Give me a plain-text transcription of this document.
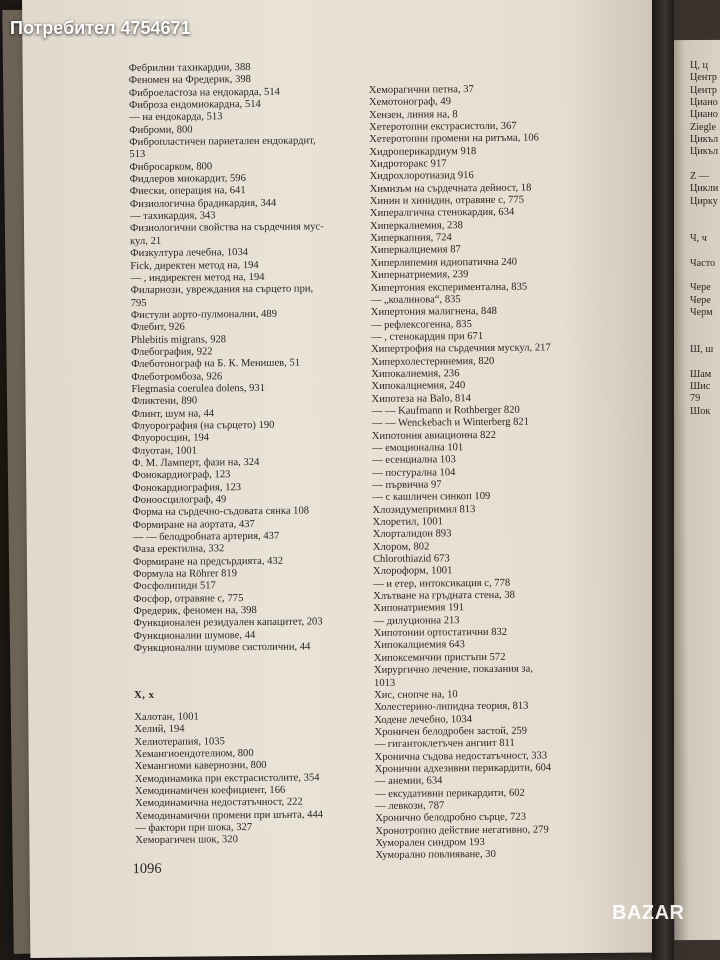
Фебрилни тахикардии, 388
Феномен на Фредерик, 398
Фиброеластоза на ендокарда, 514
Фиброза ендомиокардна, 514
— на ендокарда, 513
Фиброми, 800
Фибропластичен париетален ендокардит,
513
Фибросарком, 800
Фидлеров миокардит, 596
Фиески, операция на, 641
Физиологична брадикардия, 344
— тахикардия, 343
Физиологични свойства на сърдечния мус-
кул, 21
Физкултура лечебна, 1034
Fick, директен метод на, 194
— , индиректен метод на, 194
Филариози, увреждания на сърцето при,
795
Фистули аорто-пулмонални, 489
Флебит, 926
Phlebitis migrans, 928
Флебография, 922
Флеботонограф на Б. К. Менишев, 51
Флеботромбоза, 926
Flegmasia coerulea dolens, 931
Фликтени, 890
Флинт, шум на, 44
Флуорография (на сърцето) 190
Флуоросцин, 194
Флуотан, 1001
Ф. М. Ламперт, фази на, 324
Фонокардиограф, 123
Фонокардиография, 123
Фоноосцилограф, 49
Форма на сърдечно-съдовата сянка 108
Формиране на аортата, 437
— — белодробната артерия, 437
Фаза еректилна, 332
Формиране на предсърдията, 432
Формула на Röhrer 819
Фосфолипиди 517
Фосфор, отравяне с, 775
Фредерик, феномен на, 398
Функционален резидуален капацитет, 203
Функционални шумове, 44
Функционални шумове систолични, 44
Х, х
Халотан, 1001
Хелий, 194
Хелиотерапия, 1035
Хемангиоендотелиом, 800
Хемангиоми кавернозни, 800
Хемодинамика при екстрасистолите, 354
Хемодинамичен коефициент, 166
Хемодинамична недостатъчност, 222
Хемодинамични промени при шънта, 444
— фактори при шока, 327
Хеморагичен шок, 320
Хеморагични петна, 37
Хемотонограф, 49
Хензен, линия на, 8
Хетеротопни екстрасистоли, 367
Хетеротопни промени на ритъма, 106
Хидроперикардиум 918
Хидроторакс 917
Хидрохлоротиазид 916
Химизъм на сърдечната дейност, 18
Хинин и хинидин, отравяне с, 775
Хипералгична стенокардия, 634
Хиперкалиемия, 238
Хиперкапния, 724
Хиперкалциемия 87
Хиперлипемия идиопатична 240
Хипернатриемия, 239
Хипертония експериментална, 835
— „коалинова“, 835
Хипертония малигнена, 848
— рефлексогенна, 835
— , стенокардия при 671
Хипертрофия на сърдечния мускул, 217
Хиперхолестеринемия, 820
Хипокалиемия, 236
Хипокалциемия, 240
Хипотеза на Balo, 814
— — Kaufmann и Rothberger 820
— — Wenckebach и Winterberg 821
Хипотония авиационна 822
— емоционална 101
— есенциална 103
— постурална 104
— първична 97
— с кашличен синкоп 109
Хлозидумепримил 813
Хлоретил, 1001
Хлорталидон 893
Хлором, 802
Chlorothiazid 673
Хлороформ, 1001
— и етер, интоксикация с, 778
Хлътване на гръдната стена, 38
Хипонатриемия 191
— дилуционна 213
Хипотонии ортостатични 832
Хипокалциемия 643
Хипоксемични пристъпи 572
Хирургично лечение, показания за,
1013
Хис, снопче на, 10
Холестерино-липидна теория, 813
Ходене лечебно, 1034
Хроничен белодробен застой, 259
— гигантоклетъчен ангиит 811
Хронична съдова недостатъчност, 333
Хронични адхезивни перикардити, 604
— анемии, 634
— ексудативни перикардити, 602
— левкози, 787
Хронично белодробно сърце, 723
Хронотропно действие негативно, 279
Хуморален синдром 193
Хуморално повлияване, 30
1096
Ц, ц
Центр
Центр
Циано
Циано
Ziegle
Цикъл
Цикъл
Z —
Цикли
Цирку
Ч, ч
Часто
Чере
Чере
Черм
Ш, ш
Шам
Шис
79
Шок
Потребител 4754671
BAZAR
